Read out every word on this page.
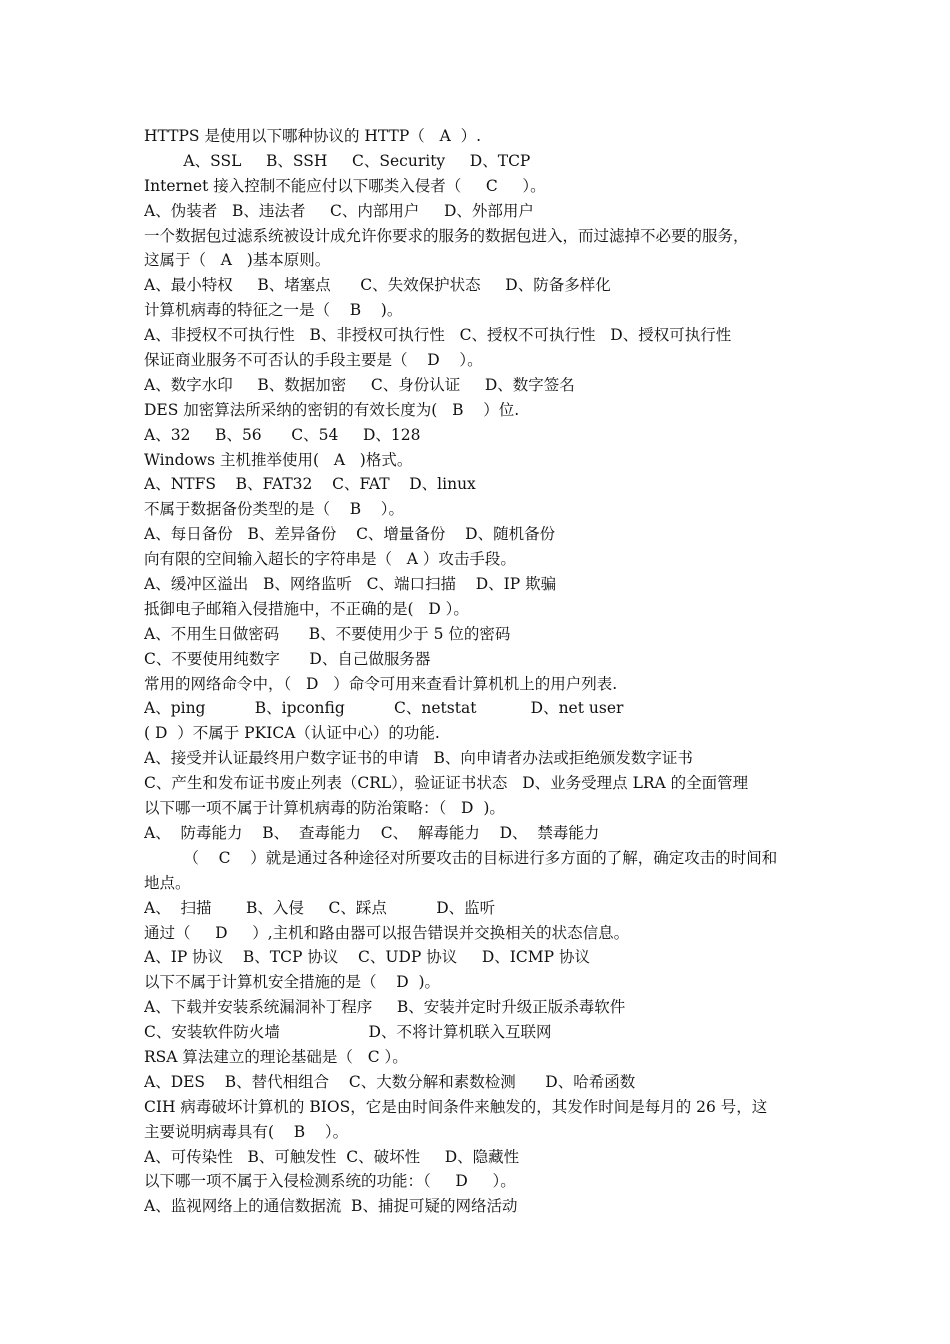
HTTPS 是使用以下哪种协议的 HTTP（   A  ）.
A、SSL     B、SSH     C、Security     D、TCP
Internet 接入控制不能应付以下哪类入侵者（     C     ）。
A、伪装者   B、违法者     C、内部用户     D、外部用户
一个数据包过滤系统被设计成允许你要求的服务的数据包进入，而过滤掉不必要的服务，
这属于（   A   )基本原则。
A、最小特权     B、堵塞点      C、失效保护状态     D、防备多样化
计算机病毒的特征之一是（    B    )。
A、非授权不可执行性   B、非授权可执行性   C、授权不可执行性   D、授权可执行性
保证商业服务不可否认的手段主要是（    D    ）。
A、数字水印     B、数据加密     C、身份认证     D、数字签名
DES 加密算法所采纳的密钥的有效长度为(   B    ）位.
A、32     B、56      C、54     D、128
Windows 主机推举使用(   A   )格式。
A、NTFS    B、FAT32    C、FAT    D、linux
不属于数据备份类型的是（    B    ）。
A、每日备份   B、差异备份    C、增量备份    D、随机备份
向有限的空间输入超长的字符串是（   A ）攻击手段。
A、缓冲区溢出   B、网络监听   C、端口扫描    D、IP 欺骗
抵御电子邮箱入侵措施中，不正确的是(   D ）。
A、不用生日做密码      B、不要使用少于 5 位的密码
C、不要使用纯数字      D、自己做服务器
常用的网络命令中，（   D   ）命令可用来查看计算机机上的用户列表.
A、ping          B、ipconfig          C、netstat           D、net user
( D  ）不属于 PKICA（认证中心）的功能.
A、接受并认证最终用户数字证书的申请   B、向申请者办法或拒绝颁发数字证书
C、产生和发布证书废止列表（CRL），验证证书状态   D、业务受理点 LRA 的全面管理
以下哪一项不属于计算机病毒的防治策略：（   D  )。
A、  防毒能力    B、  查毒能力    C、  解毒能力    D、  禁毒能力
（    C    ）就是通过各种途径对所要攻击的目标进行多方面的了解，确定攻击的时间和
地点。
A、  扫描       B、入侵     C、踩点          D、监听
通过（     D     ）,主机和路由器可以报告错误并交换相关的状态信息。
A、IP 协议    B、TCP 协议    C、UDP 协议     D、ICMP 协议
以下不属于计算机安全措施的是（    D  )。
A、下载并安装系统漏洞补丁程序     B、安装并定时升级正版杀毒软件
C、安装软件防火墙                  D、不将计算机联入互联网
RSA 算法建立的理论基础是（   C ）。
A、DES    B、替代相组合    C、大数分解和素数检测      D、哈希函数
CIH 病毒破坏计算机的 BIOS，它是由时间条件来触发的，其发作时间是每月的 26 号，这
主要说明病毒具有(    B    ）。
A、可传染性   B、可触发性  C、破坏性     D、隐藏性
以下哪一项不属于入侵检测系统的功能：（     D     ）。
A、监视网络上的通信数据流  B、捕捉可疑的网络活动
